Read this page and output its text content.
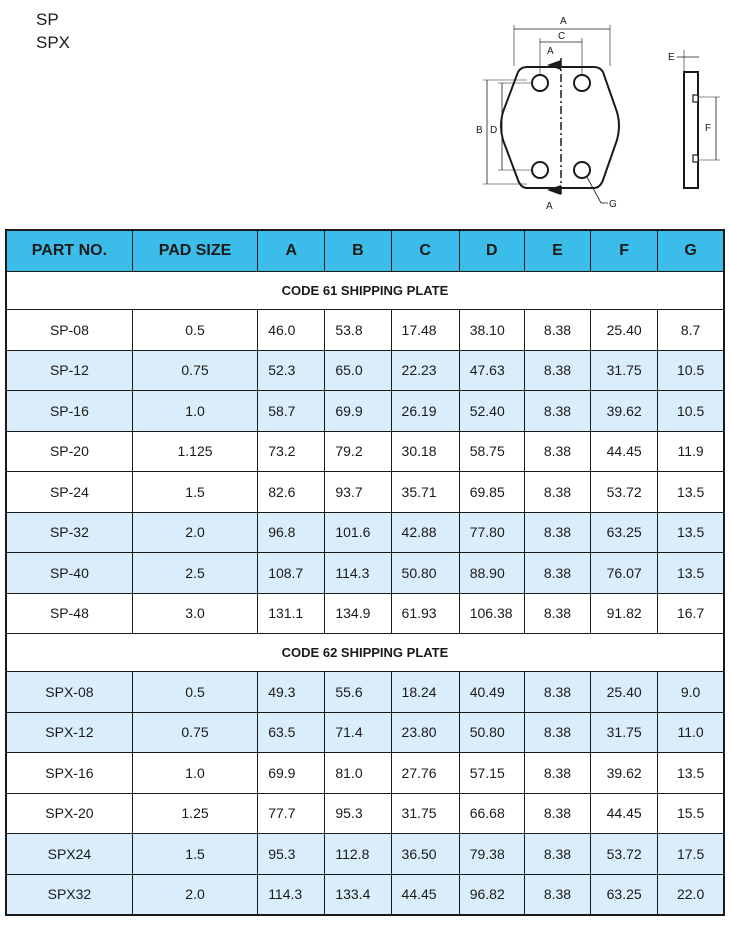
SP
SPX	A
A
A
C
B D
G
E
F
PART NO.	PAD SIZE	A	B	C	D	E	F	G
CODE 61 SHIPPING PLATE								
SP-08	0.5	46.0	53.8	17.48	38.10	8.38	25.40	8.7
SP-12	0.75	52.3	65.0	22.23	47.63	8.38	31.75	10.5
SP-16	1.0	58.7	69.9	26.19	52.40	8.38	39.62	10.5
SP-20	1.125	73.2	79.2	30.18	58.75	8.38	44.45	11.9
SP-24	1.5	82.6	93.7	35.71	69.85	8.38	53.72	13.5
SP-32	2.0	96.8	101.6	42.88	77.80	8.38	63.25	13.5
SP-40	2.5	108.7	114.3	50.80	88.90	8.38	76.07	13.5
SP-48	3.0	131.1	134.9	61.93	106.38	8.38	91.82	16.7
CODE 62 SHIPPING PLATE								
SPX-08	0.5	49.3	55.6	18.24	40.49	8.38	25.40	9.0
SPX-12	0.75	63.5	71.4	23.80	50.80	8.38	31.75	11.0
SPX-16	1.0	69.9	81.0	27.76	57.15	8.38	39.62	13.5
SPX-20	1.25	77.7	95.3	31.75	66.68	8.38	44.45	15.5
SPX24	1.5	95.3	112.8	36.50	79.38	8.38	53.72	17.5
SPX32	2.0	114.3	133.4	44.45	96.82	8.38	63.25	22.0
